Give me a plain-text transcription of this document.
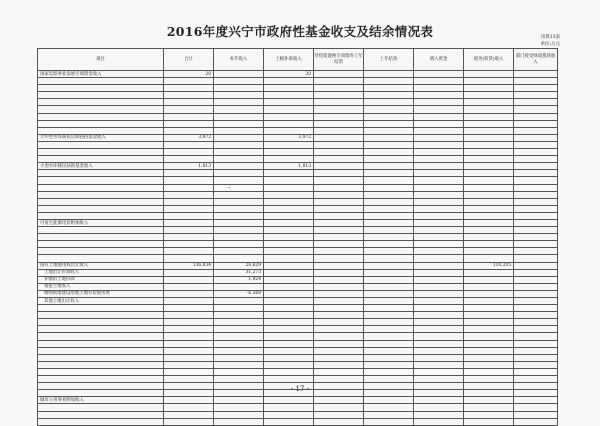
2016年度兴宁市政府性基金收支及结余情况表	决算13表
单位:万元
项目	合计	本年收入	上级补助收入	待偿债置换专项债券上年结余	上年结余	调入资金	债务(转贷)收入	部门接受财政拨款收入
国家电影事业发展专项资金收入	20		20					

大中型水库移民后期扶持基金收入	3,972		3,972					

小型水库移民扶助基金收入	1,813		1,813					

可再生能源电价附加收入								

国有土地使用权出让收入	136,834	26,629					110,205	
土地出让价款收入		31,273						
补缴的土地价款		1,924						
划拨土地收入								
缴纳新增建设用地土地有偿使用费		-6,568						
其他土地出让收入								

城市公用事业附加收入								

- 17 -
